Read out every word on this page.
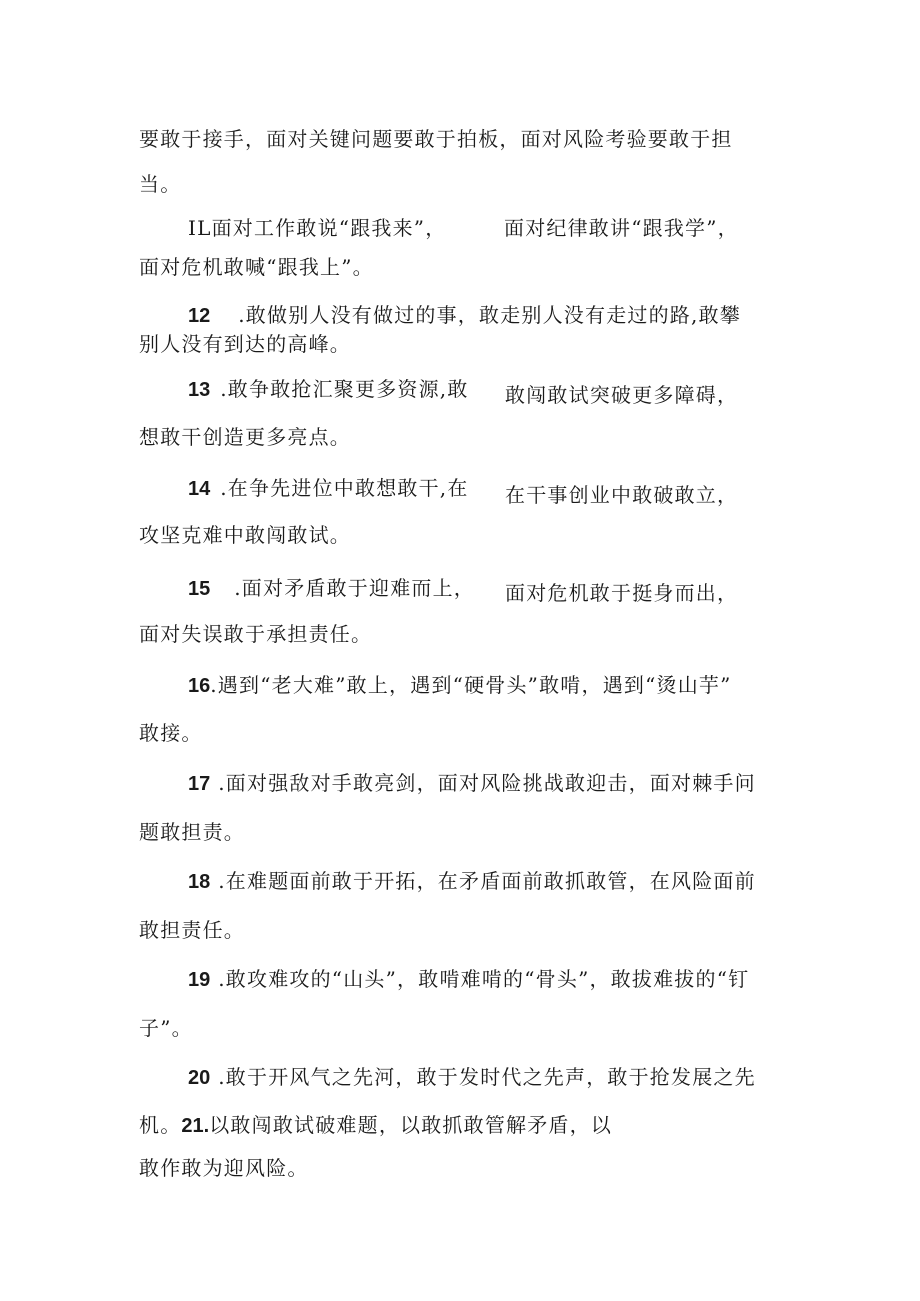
要敢于接手，面对关键问题要敢于拍板，面对风险考验要敢于担
当。
IL面对工作敢说“跟我来”，	面对纪律敢讲“跟我学”，
面对危机敢喊“跟我上”。
12 .敢做别人没有做过的事，敢走别人没有走过的路,敢攀
别人没有到达的高峰。
13 .敢争敢抢汇聚更多资源,敢 敢闯敢试突破更多障碍，
想敢干创造更多亮点。
14 .在争先进位中敢想敢干,在 在干事创业中敢破敢立，
攻坚克难中敢闯敢试。
15 .面对矛盾敢于迎难而上， 面对危机敢于挺身而出，
面对失误敢于承担责任。
16.遇到“老大难”敢上，遇到“硬骨头”敢啃，遇到“烫山芋”
敢接。
17 .面对强敌对手敢亮剑，面对风险挑战敢迎击，面对棘手问
题敢担责。
18 .在难题面前敢于开拓，在矛盾面前敢抓敢管，在风险面前
敢担责任。
19 .敢攻难攻的“山头”，敢啃难啃的“骨头”，敢拔难拔的“钉
子”。
20 .敢于开风气之先河，敢于发时代之先声，敢于抢发展之先
机。21.以敢闯敢试破难题，以敢抓敢管解矛盾，以
敢作敢为迎风险。
